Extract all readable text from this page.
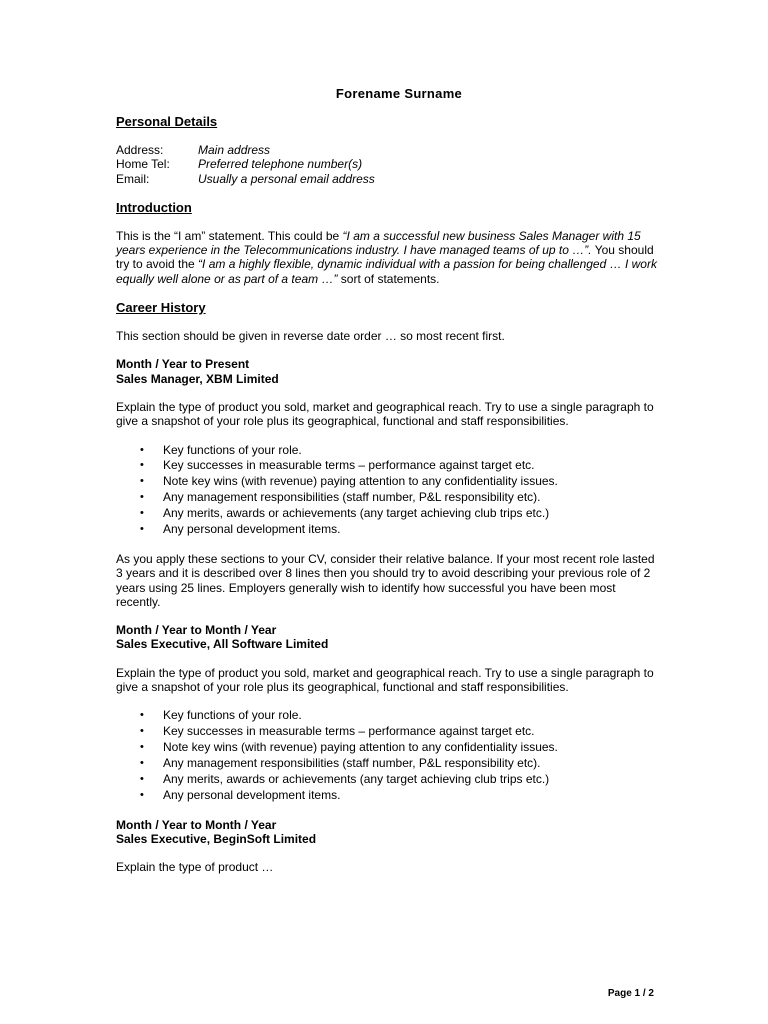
Forename Surname

Personal Details

Address:	Main address
Home Tel:	Preferred telephone number(s)
Email:	Usually a personal email address

Introduction

This is the “I am” statement. This could be “I am a successful new business Sales Manager with 15 years experience in the Telecommunications industry. I have managed teams of up to …”. You should try to avoid the “I am a highly flexible, dynamic individual with a passion for being challenged … I work equally well alone or as part of a team …” sort of statements.

Career History

This section should be given in reverse date order … so most recent first.

Month / Year to Present

Sales Manager, XBM Limited

Explain the type of product you sold, market and geographical reach. Try to use a single paragraph to give a snapshot of your role plus its geographical, functional and staff responsibilities.

•	Key functions of your role.
•	Key successes in measurable terms – performance against target etc.
•	Note key wins (with revenue) paying attention to any confidentiality issues.
•	Any management responsibilities (staff number, P&L responsibility etc).
•	Any merits, awards or achievements (any target achieving club trips etc.)
•	Any personal development items.

As you apply these sections to your CV, consider their relative balance. If your most recent role lasted 3 years and it is described over 8 lines then you should try to avoid describing your previous role of 2 years using 25 lines. Employers generally wish to identify how successful you have been most recently.

Month / Year to Month / Year

Sales Executive, All Software Limited

Explain the type of product you sold, market and geographical reach. Try to use a single paragraph to give a snapshot of your role plus its geographical, functional and staff responsibilities.

•	Key functions of your role.
•	Key successes in measurable terms – performance against target etc.
•	Note key wins (with revenue) paying attention to any confidentiality issues.
•	Any management responsibilities (staff number, P&L responsibility etc).
•	Any merits, awards or achievements (any target achieving club trips etc.)
•	Any personal development items.

Month / Year to Month / Year

Sales Executive, BeginSoft Limited

Explain the type of product …

Page 1 / 2
